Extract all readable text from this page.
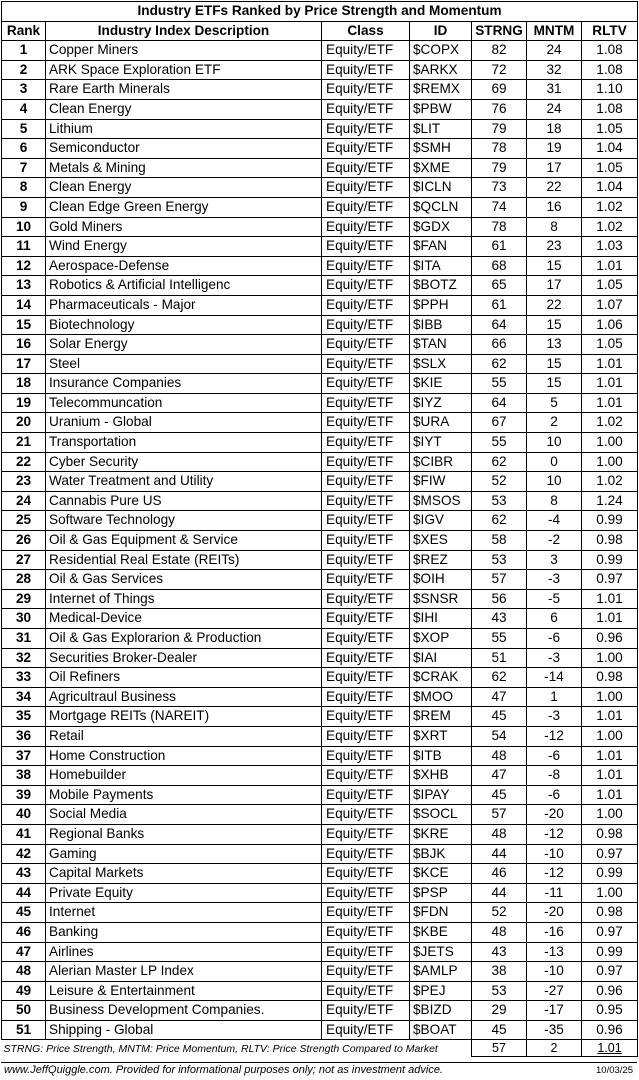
Industry ETFs Ranked by Price Strength and Momentum						
Rank	Industry Index Description	Class	ID	STRNG	MNTM	RLTV
1	Copper Miners	Equity/ETF	$COPX	82	24	1.08
2	ARK Space Exploration ETF	Equity/ETF	$ARKX	72	32	1.08
3	Rare Earth Minerals	Equity/ETF	$REMX	69	31	1.10
4	Clean Energy	Equity/ETF	$PBW	76	24	1.08
5	Lithium	Equity/ETF	$LIT	79	18	1.05
6	Semiconductor	Equity/ETF	$SMH	78	19	1.04
7	Metals & Mining	Equity/ETF	$XME	79	17	1.05
8	Clean Energy	Equity/ETF	$ICLN	73	22	1.04
9	Clean Edge Green Energy	Equity/ETF	$QCLN	74	16	1.02
10	Gold Miners	Equity/ETF	$GDX	78	8	1.02
11	Wind Energy	Equity/ETF	$FAN	61	23	1.03
12	Aerospace-Defense	Equity/ETF	$ITA	68	15	1.01
13	Robotics & Artificial Intelligenc	Equity/ETF	$BOTZ	65	17	1.05
14	Pharmaceuticals - Major	Equity/ETF	$PPH	61	22	1.07
15	Biotechnology	Equity/ETF	$IBB	64	15	1.06
16	Solar Energy	Equity/ETF	$TAN	66	13	1.05
17	Steel	Equity/ETF	$SLX	62	15	1.01
18	Insurance Companies	Equity/ETF	$KIE	55	15	1.01
19	Telecommuncation	Equity/ETF	$IYZ	64	5	1.01
20	Uranium - Global	Equity/ETF	$URA	67	2	1.02
21	Transportation	Equity/ETF	$IYT	55	10	1.00
22	Cyber Security	Equity/ETF	$CIBR	62	0	1.00
23	Water Treatment and Utility	Equity/ETF	$FIW	52	10	1.02
24	Cannabis Pure US	Equity/ETF	$MSOS	53	8	1.24
25	Software Technology	Equity/ETF	$IGV	62	-4	0.99
26	Oil & Gas Equipment & Service	Equity/ETF	$XES	58	-2	0.98
27	Residential Real Estate (REITs)	Equity/ETF	$REZ	53	3	0.99
28	Oil & Gas Services	Equity/ETF	$OIH	57	-3	0.97
29	Internet of Things	Equity/ETF	$SNSR	56	-5	1.01
30	Medical-Device	Equity/ETF	$IHI	43	6	1.01
31	Oil & Gas Explorarion & Production	Equity/ETF	$XOP	55	-6	0.96
32	Securities Broker-Dealer	Equity/ETF	$IAI	51	-3	1.00
33	Oil Refiners	Equity/ETF	$CRAK	62	-14	0.98
34	Agricultraul Business	Equity/ETF	$MOO	47	1	1.00
35	Mortgage REITs (NAREIT)	Equity/ETF	$REM	45	-3	1.01
36	Retail	Equity/ETF	$XRT	54	-12	1.00
37	Home Construction	Equity/ETF	$ITB	48	-6	1.01
38	Homebuilder	Equity/ETF	$XHB	47	-8	1.01
39	Mobile Payments	Equity/ETF	$IPAY	45	-6	1.01
40	Social Media	Equity/ETF	$SOCL	57	-20	1.00
41	Regional Banks	Equity/ETF	$KRE	48	-12	0.98
42	Gaming	Equity/ETF	$BJK	44	-10	0.97
43	Capital Markets	Equity/ETF	$KCE	46	-12	0.99
44	Private Equity	Equity/ETF	$PSP	44	-11	1.00
45	Internet	Equity/ETF	$FDN	52	-20	0.98
46	Banking	Equity/ETF	$KBE	48	-16	0.97
47	Airlines	Equity/ETF	$JETS	43	-13	0.99
48	Alerian Master LP Index	Equity/ETF	$AMLP	38	-10	0.97
49	Leisure & Entertainment	Equity/ETF	$PEJ	53	-27	0.96
50	Business Development Companies.	Equity/ETF	$BIZD	29	-17	0.95
51	Shipping - Global	Equity/ETF	$BOAT	45	-35	0.96
STRNG: Price Strength, MNTM: Price Momentum, RLTV: Price Strength Compared to Market				57	2	1.01
www.JeffQuiggle.com. Provided for informational purposes only; not as investment advice.	10/03/25
